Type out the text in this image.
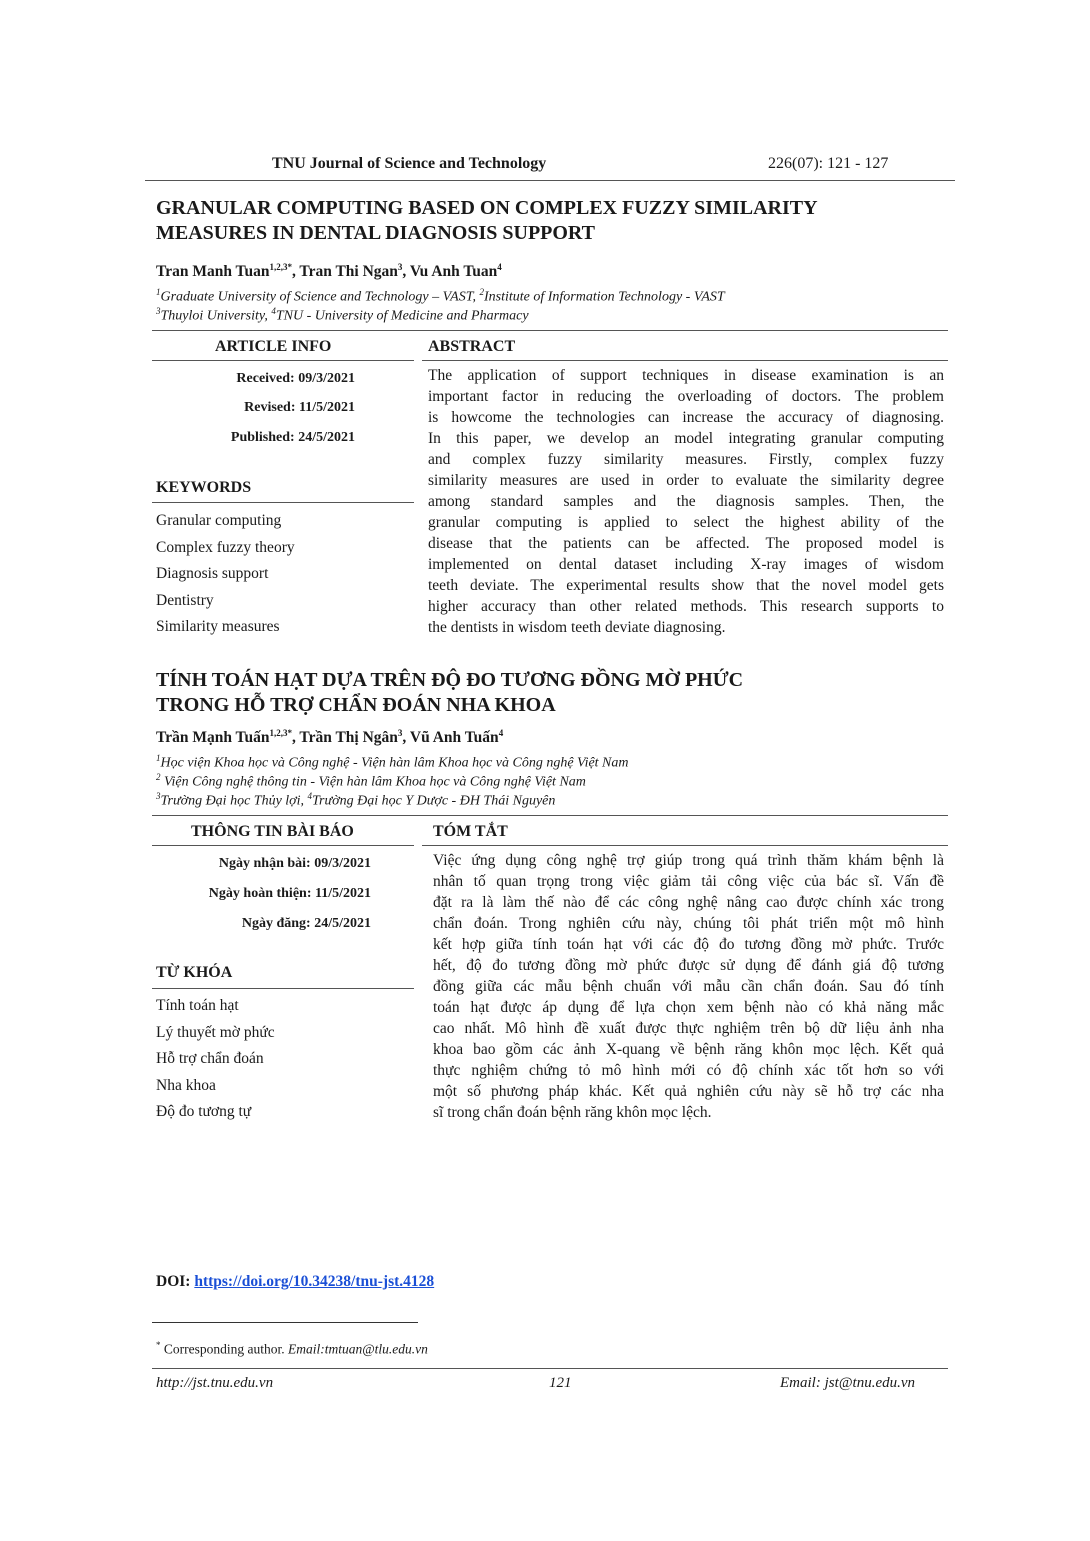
TNU Journal of Science and Technology	226(07): 121 - 127
GRANULAR COMPUTING BASED ON COMPLEX FUZZY SIMILARITY
MEASURES IN DENTAL DIAGNOSIS SUPPORT
Tran Manh Tuan$^{1,2,3*}$, Tran Thi Ngan$^3$, Vu Anh Tuan$^4$
$^1$Graduate University of Science and Technology – VAST, $^2$Institute of Information Technology - VAST
$^3$Thuyloi University, $^4$TNU - University of Medicine and Pharmacy
ARTICLE INFO
Received: 09/3/2021
Revised: 11/5/2021
Published: 24/5/2021
KEYWORDS
Granular computing
Complex fuzzy theory
Diagnosis support
Dentistry
Similarity measures
ABSTRACT
The application of support techniques in disease examination is an
important factor in reducing the overloading of doctors. The problem
is howcome the technologies can increase the accuracy of diagnosing.
In this paper, we develop an model integrating granular computing
and complex fuzzy similarity measures. Firstly, complex fuzzy
similarity measures are used in order to evaluate the similarity degree
among standard samples and the diagnosis samples. Then, the
granular computing is applied to select the highest ability of the
disease that the patients can be affected. The proposed model is
implemented on dental dataset including X-ray images of wisdom
teeth deviate. The experimental results show that the novel model gets
higher accuracy than other related methods. This research supports to
the dentists in wisdom teeth deviate diagnosing.
TÍNH TOÁN HẠT DỰA TRÊN ĐỘ ĐO TƯƠNG ĐỒNG MỜ PHỨC
TRONG HỖ TRỢ CHẨN ĐOÁN NHA KHOA
Trần Mạnh Tuấn$^{1,2,3*}$, Trần Thị Ngân$^3$, Vũ Anh Tuấn$^4$
$^1$Học viện Khoa học và Công nghệ - Viện hàn lâm Khoa học và Công nghệ Việt Nam
$^2$ Viện Công nghệ thông tin - Viện hàn lâm Khoa học và Công nghệ Việt Nam
$^3$Trường Đại học Thủy lợi, $^4$Trường Đại học Y Dược - ĐH Thái Nguyên
THÔNG TIN BÀI BÁO
Ngày nhận bài: 09/3/2021
Ngày hoàn thiện: 11/5/2021
Ngày đăng: 24/5/2021
TỪ KHÓA
Tính toán hạt
Lý thuyết mờ phức
Hỗ trợ chẩn đoán
Nha khoa
Độ đo tương tự
TÓM TẮT
Việc ứng dụng công nghệ trợ giúp trong quá trình thăm khám bệnh là
nhân tố quan trọng trong việc giảm tải công việc của bác sĩ. Vấn đề
đặt ra là làm thế nào để các công nghệ nâng cao được chính xác trong
chẩn đoán. Trong nghiên cứu này, chúng tôi phát triển một mô hình
kết hợp giữa tính toán hạt với các độ đo tương đồng mờ phức. Trước
hết, độ đo tương đồng mờ phức được sử dụng để đánh giá độ tương
đồng giữa các mẫu bệnh chuẩn với mẫu cần chẩn đoán. Sau đó tính
toán hạt được áp dụng để lựa chọn xem bệnh nào có khả năng mắc
cao nhất. Mô hình đề xuất được thực nghiệm trên bộ dữ liệu ảnh nha
khoa bao gồm các ảnh X-quang về bệnh răng khôn mọc lệch. Kết quả
thực nghiệm chứng tỏ mô hình mới có độ chính xác tốt hơn so với
một số phương pháp khác. Kết quả nghiên cứu này sẽ hỗ trợ các nha
sĩ trong chẩn đoán bệnh răng khôn mọc lệch.
DOI: https://doi.org/10.34238/tnu-jst.4128
* Corresponding author. Email:tmtuan@tlu.edu.vn
http://jst.tnu.edu.vn	121	Email: jst@tnu.edu.vn
